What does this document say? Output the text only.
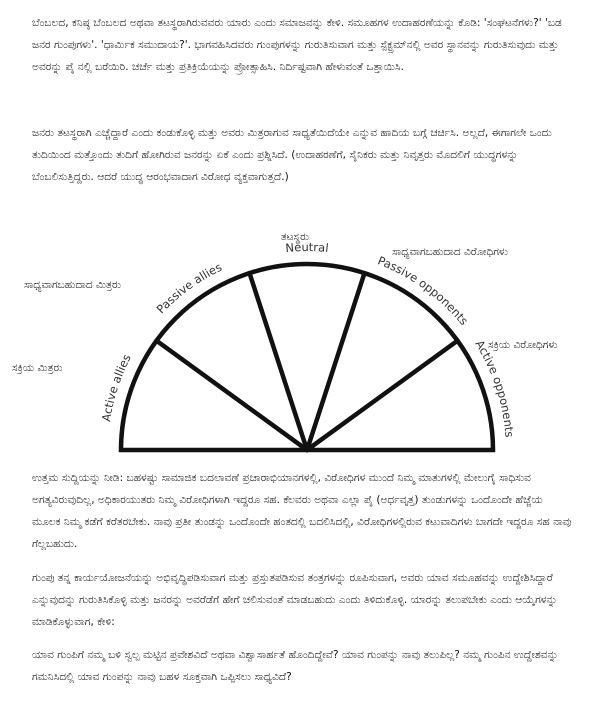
ಬೆಂಬಲದ, ಕನಿಷ್ಠ ಬೆಂಬಲದ ಅಥವಾ ತಟಸ್ಥರಾಗಿರುವವರು ಯಾರು ಎಂದು ಸಮಾಜವನ್ನು ಕೇಳಿ. ಸಮೂಹಗಳ ಉದಾಹರಣೆಯನ್ನು ಕೊಡಿ: 'ಸಂಘಟನೆಗಳು?' 'ಬಡ ಜನರ ಗುಂಪುಗಳು'. 'ಧಾರ್ಮಿಕ ಸಮುದಾಯ?'. ಭಾಗವಹಿಸಿದವರು ಗುಂಪುಗಳನ್ನು ಗುರುತಿಸುವಾಗ ಮತ್ತು ಸ್ಪೆಕ್ಟ್ರಮ್‌ನಲ್ಲಿ ಅವರ ಸ್ಥಾನವನ್ನು ಗುರುತಿಸುವುದು ಮತ್ತು ಅವರನ್ನು ಪೈ ನಲ್ಲಿ ಬರೆಯಿರಿ. ಚರ್ಚೆ ಮತ್ತು ಪ್ರತಿಕ್ರಿಯೆಯನ್ನು ಪ್ರೋತ್ಸಾಹಿಸಿ. ನಿರ್ದಿಷ್ಟವಾಗಿ ಹೇಳುವಂತೆ ಒತ್ತಾಯಿಸಿ.

ಜನರು ತಟಸ್ಥರಾಗಿ ಎಚ್ಚೆದ್ದಾರೆ ಎಂದು ಕಂಡುಕೊಳ್ಳಿ ಮತ್ತು ಅವರು ಮಿತ್ರರಾಗುವ ಸಾಧ್ಯತೆಯಿದೆಯೇ ಎನ್ನುವ ಹಾದಿಯ ಬಗ್ಗೆ ಚರ್ಚಿಸಿ. ಅಲ್ಲದೆ, ಈಗಾಗಲೇ ಒಂದು ತುದಿಯಿಂದ ಮತ್ತೊಂದು ತುದಿಗೆ ಹೋಗಿರುವ ಜನರನ್ನು ಏಕೆ ಎಂದು ಪ್ರಶ್ನಿಸಿದೆ. (ಉದಾಹರಣೆಗೆ, ಸೈನಿಕರು ಮತ್ತು ನಿವೃತ್ತರು ಮೊದಲಿಗೆ ಯುದ್ಧಗಳನ್ನು ಬೆಂಬಲಿಸುತ್ತಿದ್ದರು. ಆದರೆ ಯುದ್ಧ ಆರಂಭವಾದಾಗ ವಿರೋಧ ವ್ಯಕ್ತವಾಗುತ್ತದೆ.)

Active allies
Passive allies
Neutral
Passive opponents
Active opponents
ಸಕ್ರಿಯ ಮಿತ್ರರು
ಸಾಧ್ಯವಾಗಬಹುದಾದ ಮಿತ್ರರು
ತಟಸ್ಥರು
ಸಾಧ್ಯವಾಗಬಹುದಾದ ವಿರೋಧಿಗಳು
ಸಕ್ರಿಯ ವಿರೋಧಿಗಳು

ಉತ್ತಮ ಸುದ್ದಿಯನ್ನು ನೀಡಿ: ಬಹಳಷ್ಟು ಸಾಮಾಜಿಕ ಬದಲಾವಣೆ ಪ್ರಚಾರಾಭಿಯಾನಗಳಲ್ಲಿ, ವಿರೋಧಿಗಳ ಮುಂದೆ ನಿಮ್ಮ ಮಾತುಗಳಲ್ಲಿ ಮೇಲುಗೈ ಸಾಧಿಸುವ ಅಗತ್ಯವಿರುವುದಿಲ್ಲ, ಅಧಿಕಾರಯುತರು ನಿಮ್ಮ ವಿರೋಧಿಗಳಾಗಿ ಇದ್ದರೂ ಸಹ. ಕೆಲವರು ಅಥವಾ ಎಲ್ಲಾ ಪೈ (ಅರ್ಧವೃತ್ತ) ತುಂಡುಗಳನ್ನು ಒಂದೊಂದೇ ಹೆಜ್ಜೆಯ ಮೂಲಕ ನಿಮ್ಮ ಕಡೆಗೆ ಕರೆತರಬೇಕು. ನಾವು ಪ್ರತೀ ತುಂಡನ್ನು ಒಂದೊಂದೇ ಹಂತದಲ್ಲಿ ಬದಲಿಸಿದಲ್ಲಿ, ವಿರೋಧಿಗಳಲ್ಲಿರುವ ಕಟುವಾದಿಗಳು ಬಾಗದೇ ಇದ್ದರೂ ಸಹ ನಾವು ಗೆಲ್ಲಬಹುದು.

ಗುಂಪು ತನ್ನ ಕಾರ್ಯಯೋಜನೆಯನ್ನು ಅಭಿವೃದ್ಧಿಪಡಿಸುವಾಗ ಮತ್ತು ಪ್ರಸ್ತುತಪಡಿಸುವ ತಂತ್ರಗಳನ್ನು ರೂಪಿಸುವಾಗ, ಅವರು ಯಾವ ಸಮೂಹವನ್ನು ಉದ್ದೇಶಿಸಿದ್ದಾರೆ ಎನ್ನುವುದನ್ನು ಗುರುತಿಸಿಕೊಳ್ಳಿ ಮತ್ತು ಜನರನ್ನು ಅವರೆಡೆಗೆ ಹೇಗೆ ಚಲಿಸುವಂತೆ ಮಾಡಬಹುದು ಎಂದು ತಿಳಿದುಕೊಳ್ಳಿ. ಯಾರನ್ನು ತಲುಪಬೇಕು ಎಂದು ಆಯ್ಕೆಗಳನ್ನು ಮಾಡಿಕೊಳ್ಳುವಾಗ, ಕೇಳಿ:

ಯಾವ ಗುಂಪಿಗೆ ನಮ್ಮ ಬಳಿ ಸ್ವಲ್ಪ ಮಟ್ಟಿನ ಪ್ರವೇಶವಿದೆ ಅಥವಾ ವಿಶ್ವಾಸಾರ್ಹತೆ ಹೊಂದಿದ್ದೇವೆ? ಯಾವ ಗುಂಪನ್ನು ನಾವು ತಲುಪಿಲ್ಲ? ನಮ್ಮ ಗುಂಪಿನ ಉದ್ದೇಶವನ್ನು ಗಮನಿಸಿದಲ್ಲಿ ಯಾವ ಗುಂಪನ್ನು ನಾವು ಬಹಳ ಸೂಕ್ತವಾಗಿ ಒಪ್ಪಿಸಲು ಸಾಧ್ಯವಿದೆ?
